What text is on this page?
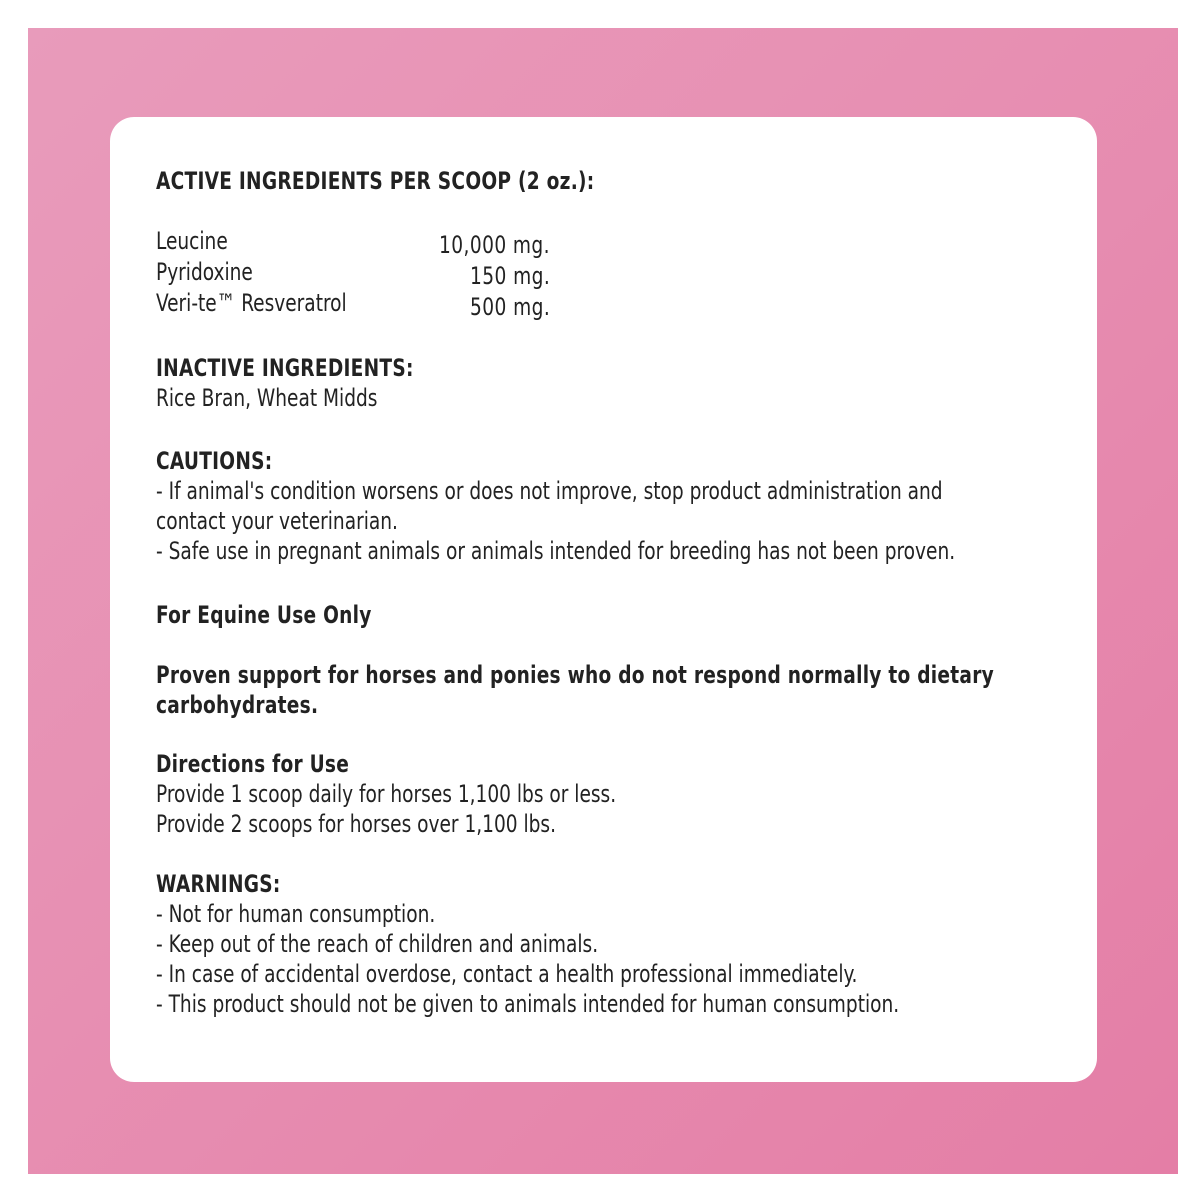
ACTIVE INGREDIENTS PER SCOOP (2 oz.):

Leucine	10,000 mg.
Pyridoxine	150 mg.
Veri-te™ Resveratrol	500 mg.

INACTIVE INGREDIENTS:

Rice Bran, Wheat Midds

CAUTIONS:

- If animal's condition worsens or does not improve, stop product administration and

contact your veterinarian.

- Safe use in pregnant animals or animals intended for breeding has not been proven.

For Equine Use Only

Proven support for horses and ponies who do not respond normally to dietary

carbohydrates.

Directions for Use

Provide 1 scoop daily for horses 1,100 lbs or less.

Provide 2 scoops for horses over 1,100 lbs.

WARNINGS:

- Not for human consumption.

- Keep out of the reach of children and animals.

- In case of accidental overdose, contact a health professional immediately.

- This product should not be given to animals intended for human consumption.
